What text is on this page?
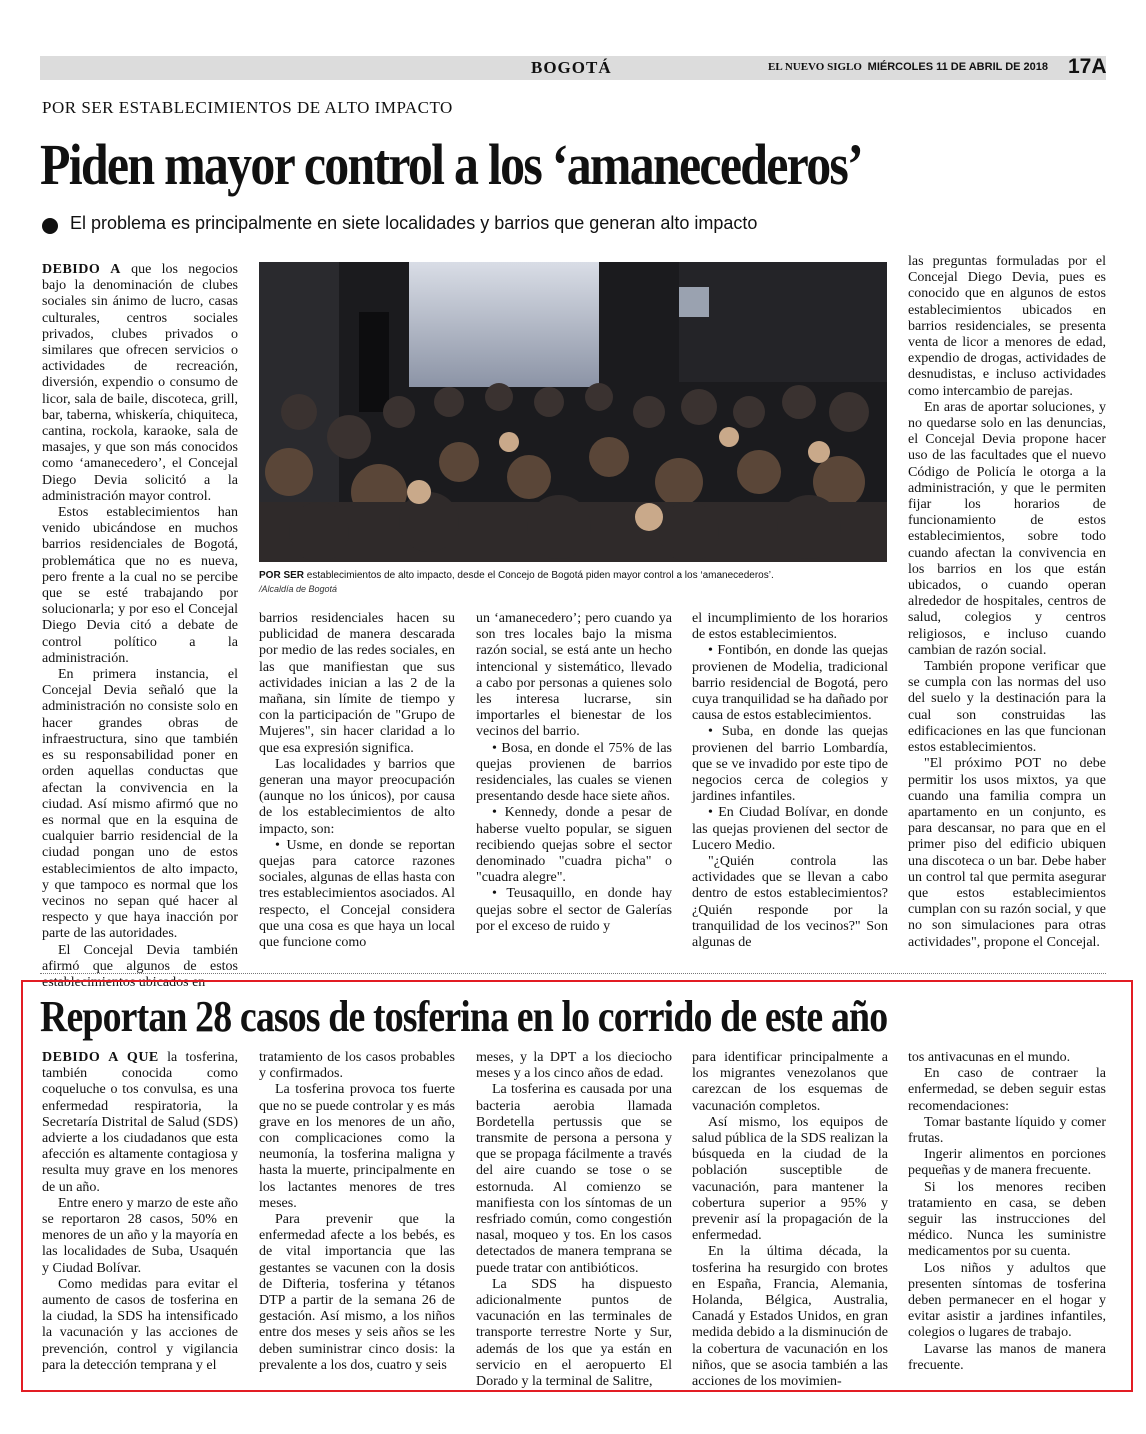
BOGOTÁ	EL NUEVO SIGLO MIÉRCOLES 11 DE ABRIL DE 2018 17A
POR SER ESTABLECIMIENTOS DE ALTO IMPACTO
Piden mayor control a los ‘amanecederos’
El problema es principalmente en siete localidades y barrios que generan alto impacto

DEBIDO A que los negocios bajo la denominación de clubes sociales sin ánimo de lucro, casas culturales, centros sociales privados, clubes privados o similares que ofrecen servicios o actividades de recreación, diversión, expendio o consumo de licor, sala de baile, discoteca, grill, bar, taberna, whiskería, chiquiteca, cantina, rockola, karaoke, sala de masajes, y que son más conocidos como ‘amanecedero’, el Concejal Diego Devia solicitó a la administración mayor control.

Estos establecimientos han venido ubicándose en muchos barrios residenciales de Bogotá, problemática que no es nueva, pero frente a la cual no se percibe que se esté trabajando por solucionarla; y por eso el Concejal Diego Devia citó a debate de control político a la administración.

En primera instancia, el Concejal Devia señaló que la administración no consiste solo en hacer grandes obras de infraestructura, sino que también es su responsabilidad poner en orden aquellas conductas que afectan la convivencia en la ciudad. Así mismo afirmó que no es normal que en la esquina de cualquier barrio residencial de la ciudad pongan uno de estos establecimientos de alto impacto, y que tampoco es normal que los vecinos no sepan qué hacer al respecto y que haya inacción por parte de las autoridades.

El Concejal Devia también afirmó que algunos de estos establecimientos ubicados en

POR SER establecimientos de alto impacto, desde el Concejo de Bogotá piden mayor control a los ‘amanecederos’.
/Alcaldía de Bogotá

barrios residenciales hacen su publicidad de manera descarada por medio de las redes sociales, en las que manifiestan que sus actividades inician a las 2 de la mañana, sin límite de tiempo y con la participación de "Grupo de Mujeres", sin hacer claridad a lo que esa expresión significa.

Las localidades y barrios que generan una mayor preocupación (aunque no los únicos), por causa de los establecimientos de alto impacto, son:

• Usme, en donde se reportan quejas para catorce razones sociales, algunas de ellas hasta con tres establecimientos asociados. Al respecto, el Concejal considera que una cosa es que haya un local que funcione como

un ‘amanecedero’; pero cuando ya son tres locales bajo la misma razón social, se está ante un hecho intencional y sistemático, llevado a cabo por personas a quienes solo les interesa lucrarse, sin importarles el bienestar de los vecinos del barrio.

• Bosa, en donde el 75% de las quejas provienen de barrios residenciales, las cuales se vienen presentando desde hace siete años.

• Kennedy, donde a pesar de haberse vuelto popular, se siguen recibiendo quejas sobre el sector denominado "cuadra picha" o "cuadra alegre".

• Teusaquillo, en donde hay quejas sobre el sector de Galerías por el exceso de ruido y

el incumplimiento de los horarios de estos establecimientos.

• Fontibón, en donde las quejas provienen de Modelia, tradicional barrio residencial de Bogotá, pero cuya tranquilidad se ha dañado por causa de estos establecimientos.

• Suba, en donde las quejas provienen del barrio Lombardía, que se ve invadido por este tipo de negocios cerca de colegios y jardines infantiles.

• En Ciudad Bolívar, en donde las quejas provienen del sector de Lucero Medio.

"¿Quién controla las actividades que se llevan a cabo dentro de estos establecimientos? ¿Quién responde por la tranquilidad de los vecinos?" Son algunas de

las preguntas formuladas por el Concejal Diego Devia, pues es conocido que en algunos de estos establecimientos ubicados en barrios residenciales, se presenta venta de licor a menores de edad, expendio de drogas, actividades de desnudistas, e incluso actividades como intercambio de parejas.

En aras de aportar soluciones, y no quedarse solo en las denuncias, el Concejal Devia propone hacer uso de las facultades que el nuevo Código de Policía le otorga a la administración, y que le permiten fijar los horarios de funcionamiento de estos establecimientos, sobre todo cuando afectan la convivencia en los barrios en los que están ubicados, o cuando operan alrededor de hospitales, centros de salud, colegios y centros religiosos, e incluso cuando cambian de razón social.

También propone verificar que se cumpla con las normas del uso del suelo y la destinación para la cual son construidas las edificaciones en las que funcionan estos establecimientos.

"El próximo POT no debe permitir los usos mixtos, ya que cuando una familia compra un apartamento en un conjunto, es para descansar, no para que en el primer piso del edificio ubiquen una discoteca o un bar. Debe haber un control tal que permita asegurar que estos establecimientos cumplan con su razón social, y que no son simulaciones para otras actividades", propone el Concejal.

Reportan 28 casos de tosferina en lo corrido de este año

DEBIDO A QUE la tosferina, también conocida como coqueluche o tos convulsa, es una enfermedad respiratoria, la Secretaría Distrital de Salud (SDS) advierte a los ciudadanos que esta afección es altamente contagiosa y resulta muy grave en los menores de un año.

Entre enero y marzo de este año se reportaron 28 casos, 50% en menores de un año y la mayoría en las localidades de Suba, Usaquén y Ciudad Bolívar.

Como medidas para evitar el aumento de casos de tosferina en la ciudad, la SDS ha intensificado la vacunación y las acciones de prevención, control y vigilancia para la detección temprana y el

tratamiento de los casos probables y confirmados.

La tosferina provoca tos fuerte que no se puede controlar y es más grave en los menores de un año, con complicaciones como la neumonía, la tosferina maligna y hasta la muerte, principalmente en los lactantes menores de tres meses.

Para prevenir que la enfermedad afecte a los bebés, es de vital importancia que las gestantes se vacunen con la dosis de Difteria, tosferina y tétanos DTP a partir de la semana 26 de gestación. Así mismo, a los niños entre dos meses y seis años se les deben suministrar cinco dosis: la prevalente a los dos, cuatro y seis

meses, y la DPT a los dieciocho meses y a los cinco años de edad.

La tosferina es causada por una bacteria aerobia llamada Bordetella pertussis que se transmite de persona a persona y que se propaga fácilmente a través del aire cuando se tose o se estornuda. Al comienzo se manifiesta con los síntomas de un resfriado común, como congestión nasal, moqueo y tos. En los casos detectados de manera temprana se puede tratar con antibióticos.

La SDS ha dispuesto adicionalmente puntos de vacunación en las terminales de transporte terrestre Norte y Sur, además de los que ya están en servicio en el aeropuerto El Dorado y la terminal de Salitre,

para identificar principalmente a los migrantes venezolanos que carezcan de los esquemas de vacunación completos.

Así mismo, los equipos de salud pública de la SDS realizan la búsqueda en la ciudad de la población susceptible de vacunación, para mantener la cobertura superior a 95% y prevenir así la propagación de la enfermedad.

En la última década, la tosferina ha resurgido con brotes en España, Francia, Alemania, Holanda, Bélgica, Australia, Canadá y Estados Unidos, en gran medida debido a la disminución de la cobertura de vacunación en los niños, que se asocia también a las acciones de los movimien-

tos antivacunas en el mundo.

En caso de contraer la enfermedad, se deben seguir estas recomendaciones:

Tomar bastante líquido y comer frutas.

Ingerir alimentos en porciones pequeñas y de manera frecuente.

Si los menores reciben tratamiento en casa, se deben seguir las instrucciones del médico. Nunca les suministre medicamentos por su cuenta.

Los niños y adultos que presenten síntomas de tosferina deben permanecer en el hogar y evitar asistir a jardines infantiles, colegios o lugares de trabajo.

Lavarse las manos de manera frecuente.
